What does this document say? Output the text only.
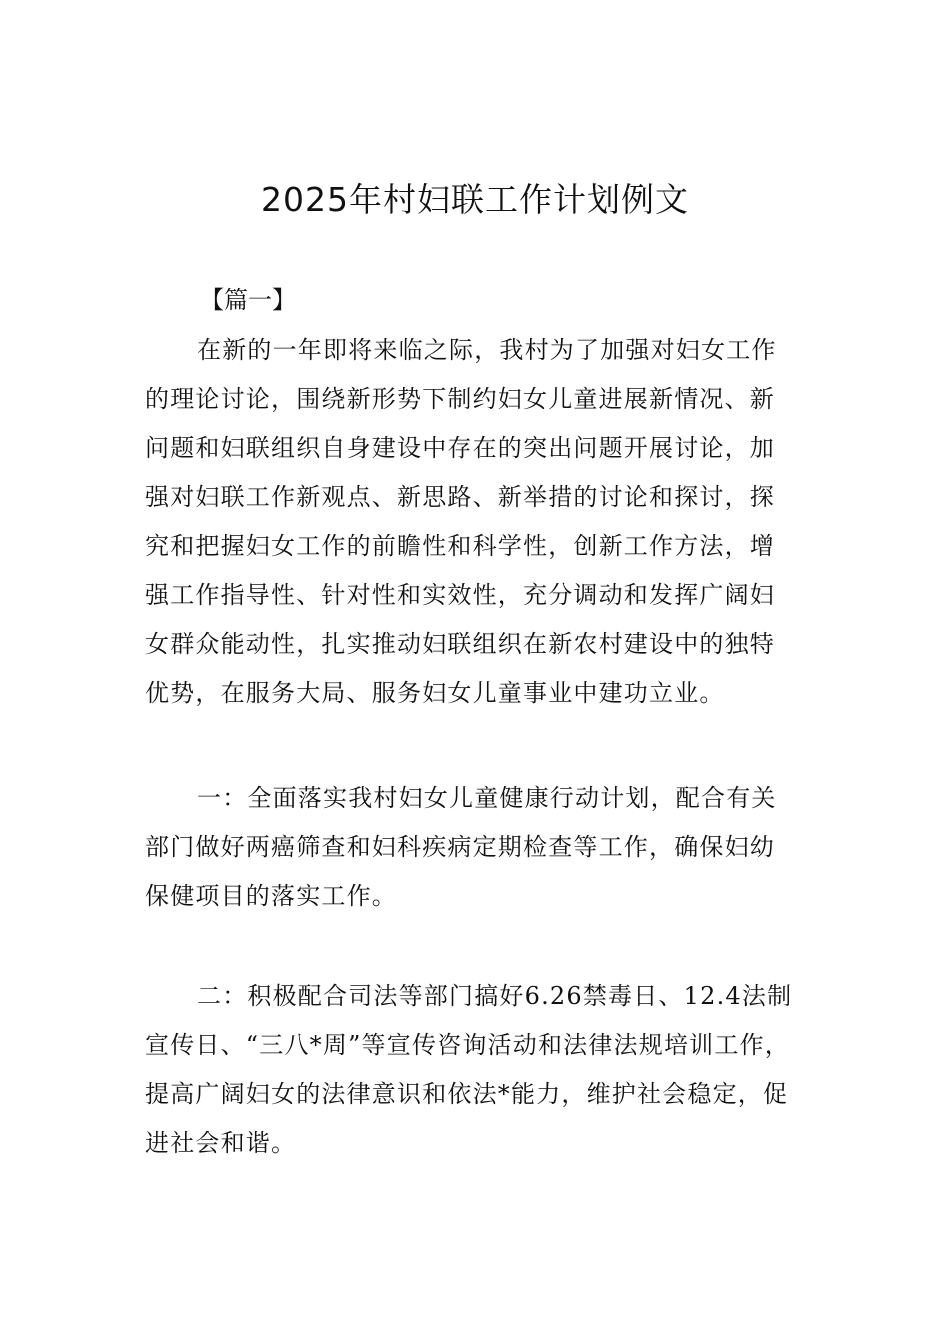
2025年村妇联工作计划例文
【篇一】
在新的一年即将来临之际，我村为了加强对妇女工作
的理论讨论，围绕新形势下制约妇女儿童进展新情况、新
问题和妇联组织自身建设中存在的突出问题开展讨论，加
强对妇联工作新观点、新思路、新举措的讨论和探讨，探
究和把握妇女工作的前瞻性和科学性，创新工作方法，增
强工作指导性、针对性和实效性，充分调动和发挥广阔妇
女群众能动性，扎实推动妇联组织在新农村建设中的独特
优势，在服务大局、服务妇女儿童事业中建功立业。
一：全面落实我村妇女儿童健康行动计划，配合有关
部门做好两癌筛查和妇科疾病定期检查等工作，确保妇幼
保健项目的落实工作。
二：积极配合司法等部门搞好6.26禁毒日、12.4法制
宣传日、“三八*周”等宣传咨询活动和法律法规培训工作，
提高广阔妇女的法律意识和依法*能力，维护社会稳定，促
进社会和谐。
